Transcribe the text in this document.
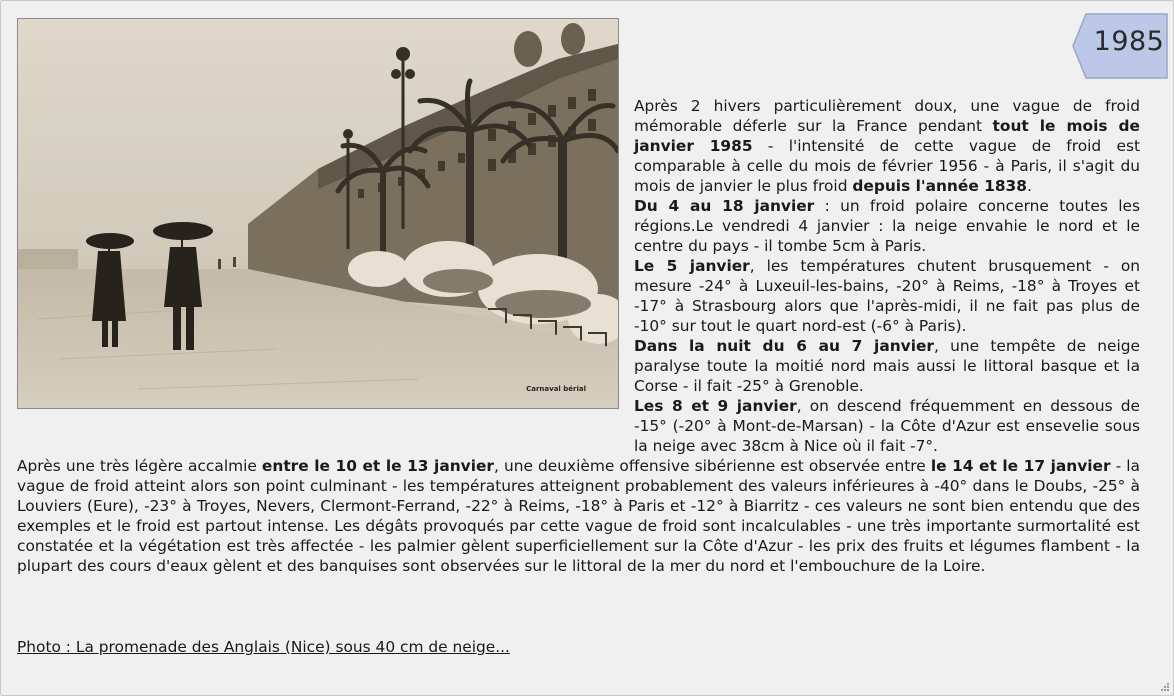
Carnaval bérial
1985
Après 2 hivers particulièrement doux, une vague de froid mémorable déferle sur la France pendant tout le mois de janvier 1985 - l'intensité de cette vague de froid est comparable à celle du mois de février 1956 - à Paris, il s'agit du mois de janvier le plus froid depuis l'année 1838.
Du 4 au 18 janvier : un froid polaire concerne toutes les régions.Le vendredi 4 janvier : la neige envahie le nord et le centre du pays - il tombe 5cm à Paris.
Le 5 janvier, les températures chutent brusquement - on mesure -24° à Luxeuil-les-bains, -20° à Reims, -18° à Troyes et -17° à Strasbourg alors que l'après-midi, il ne fait pas plus de -10° sur tout le quart nord-est (-6° à Paris).
Dans la nuit du 6 au 7 janvier, une tempête de neige paralyse toute la moitié nord mais aussi le littoral basque et la Corse - il fait -25° à Grenoble.
Les 8 et 9 janvier, on descend fréquemment en dessous de -15° (-20° à Mont-de-Marsan) - la Côte d'Azur est ensevelie sous la neige avec 38cm à Nice où il fait -7°.
Après une très légère accalmie entre le 10 et le 13 janvier, une deuxième offensive sibérienne est observée entre le 14 et le 17 janvier - la vague de froid atteint alors son point culminant - les températures atteignent probablement des valeurs inférieures à -40° dans le Doubs, -25° à Louviers (Eure), -23° à Troyes, Nevers, Clermont-Ferrand, -22° à Reims, -18° à Paris et -12° à Biarritz - ces valeurs ne sont bien entendu que des exemples et le froid est partout intense. Les dégâts provoqués par cette vague de froid sont incalculables - une très importante surmortalité est constatée et la végétation est très affectée - les palmier gèlent superficiellement sur la Côte d'Azur - les prix des fruits et légumes flambent - la plupart des cours d'eaux gèlent et des banquises sont observées sur le littoral de la mer du nord et l'embouchure de la Loire.
Photo : La promenade des Anglais (Nice) sous 40 cm de neige...
